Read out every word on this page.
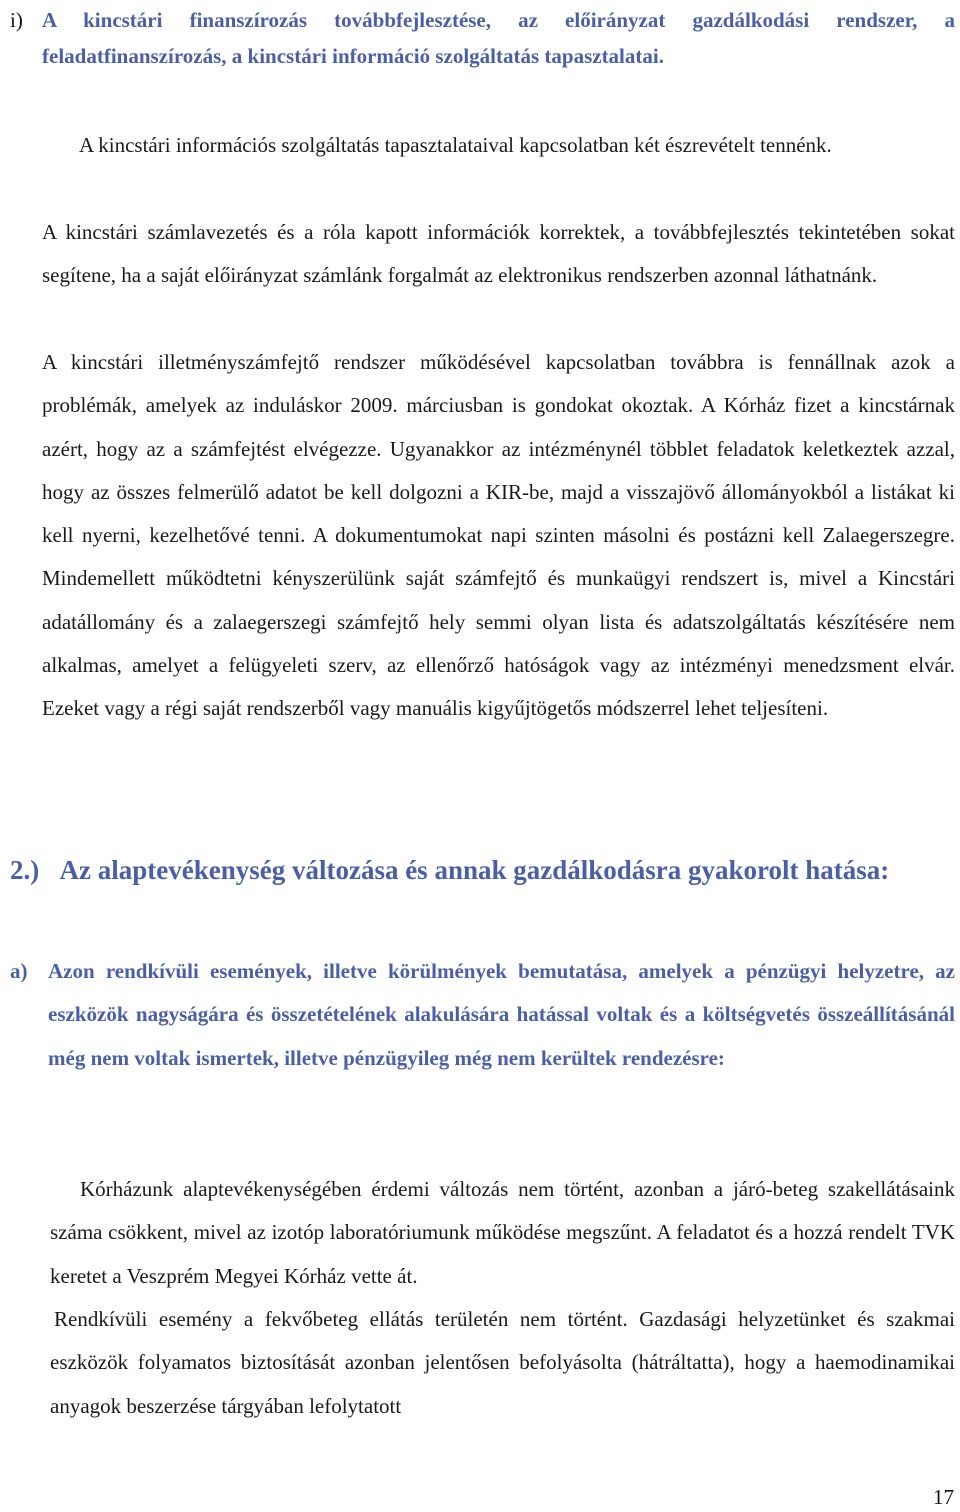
i) A kincstári finanszírozás továbbfejlesztése, az előirányzat gazdálkodási rendszer, a feladatfinanszírozás, a kincstári információ szolgáltatás tapasztalatai.

A kincstári információs szolgáltatás tapasztalataival kapcsolatban két észrevételt tennénk.

A kincstári számlavezetés és a róla kapott információk korrektek, a továbbfejlesztés tekintetében sokat segítene, ha a saját előirányzat számlánk forgalmát az elektronikus rendszerben azonnal láthatnánk.

A kincstári illetményszámfejtő rendszer működésével kapcsolatban továbbra is fennállnak azok a problémák, amelyek az induláskor 2009. márciusban is gondokat okoztak. A Kórház fizet a kincstárnak azért, hogy az a számfejtést elvégezze. Ugyanakkor az intézménynél többlet feladatok keletkeztek azzal, hogy az összes felmerülő adatot be kell dolgozni a KIR-be, majd a visszajövő állományokból a listákat ki kell nyerni, kezelhetővé tenni. A dokumentumokat napi szinten másolni és postázni kell Zalaegerszegre. Mindemellett működtetni kényszerülünk saját számfejtő és munkaügyi rendszert is, mivel a Kincstári adatállomány és a zalaegerszegi számfejtő hely semmi olyan lista és adatszolgáltatás készítésére nem alkalmas, amelyet a felügyeleti szerv, az ellenőrző hatóságok vagy az intézményi menedzsment elvár. Ezeket vagy a régi saját rendszerből vagy manuális kigyűjtögetős módszerrel lehet teljesíteni.

2.) Az alaptevékenység változása és annak gazdálkodásra gyakorolt hatása:
a) Azon rendkívüli események, illetve körülmények bemutatása, amelyek a pénzügyi helyzetre, az eszközök nagyságára és összetételének alakulására hatással voltak és a költségvetés összeállításánál még nem voltak ismertek, illetve pénzügyileg még nem kerültek rendezésre:

Kórházunk alaptevékenységében érdemi változás nem történt, azonban a járó-beteg szakellátásaink száma csökkent, mivel az izotóp laboratóriumunk működése megszűnt. A feladatot és a hozzá rendelt TVK keretet a Veszprém Megyei Kórház vette át.

Rendkívüli esemény a fekvőbeteg ellátás területén nem történt. Gazdasági helyzetünket és szakmai eszközök folyamatos biztosítását azonban jelentősen befolyásolta (hátráltatta), hogy a haemodinamikai anyagok beszerzése tárgyában lefolytatott

17
